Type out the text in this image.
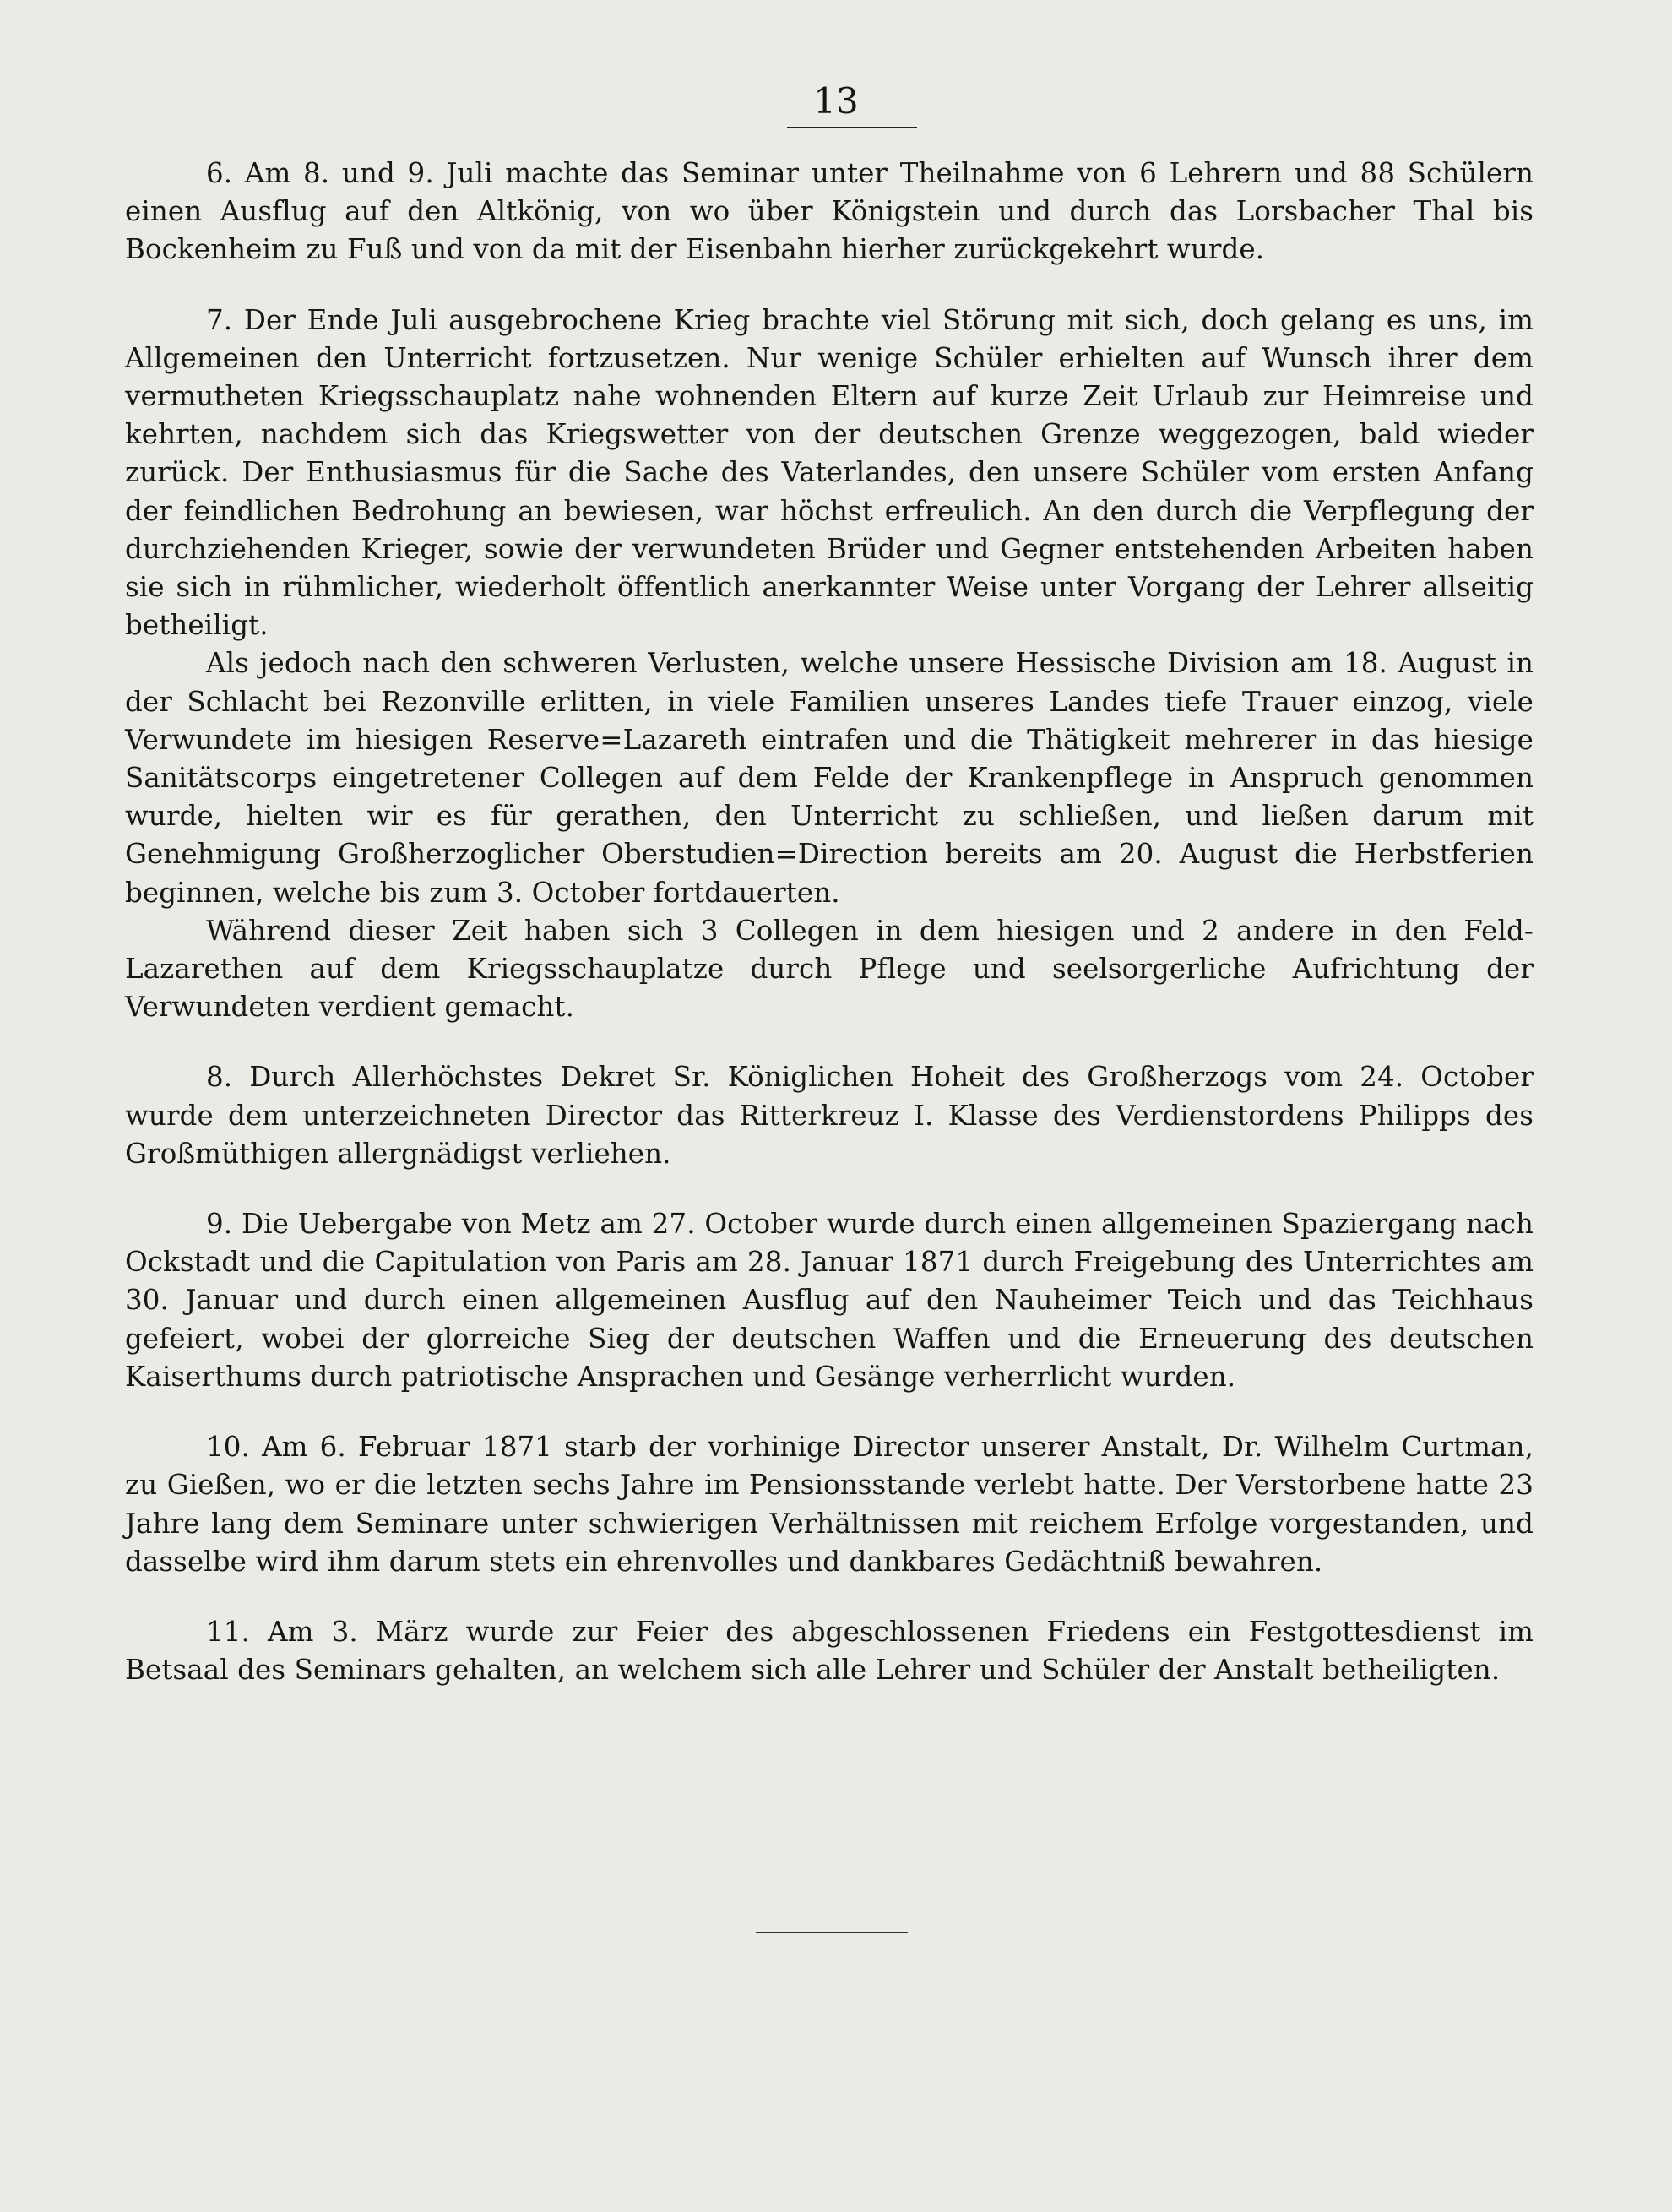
13

6. Am 8. und 9. Juli machte das Seminar unter Theilnahme von 6 Lehrern und 88 Schülern einen Ausflug auf den Altkönig, von wo über Königstein und durch das Lorsbacher Thal bis Bockenheim zu Fuß und von da mit der Eisenbahn hierher zurückgekehrt wurde.

7. Der Ende Juli ausgebrochene Krieg brachte viel Störung mit sich, doch gelang es uns, im Allgemeinen den Unterricht fortzusetzen. Nur wenige Schüler erhielten auf Wunsch ihrer dem vermutheten Kriegsschauplatz nahe wohnenden Eltern auf kurze Zeit Urlaub zur Heimreise und kehrten, nachdem sich das Kriegswetter von der deutschen Grenze weggezogen, bald wieder zurück. Der Enthusiasmus für die Sache des Vaterlandes, den unsere Schüler vom ersten Anfang der feindlichen Bedrohung an bewiesen, war höchst erfreulich. An den durch die Verpflegung der durchziehenden Krieger, sowie der verwundeten Brüder und Gegner entstehenden Arbeiten haben sie sich in rühmlicher, wiederholt öffentlich anerkannter Weise unter Vorgang der Lehrer allseitig betheiligt.

Als jedoch nach den schweren Verlusten, welche unsere Hessische Division am 18. August in der Schlacht bei Rezonville erlitten, in viele Familien unseres Landes tiefe Trauer einzog, viele Verwundete im hiesigen Reserve=Lazareth eintrafen und die Thätigkeit mehrerer in das hiesige Sanitätscorps eingetretener Collegen auf dem Felde der Krankenpflege in Anspruch genommen wurde, hielten wir es für gerathen, den Unterricht zu schließen, und ließen darum mit Genehmigung Großherzoglicher Oberstudien=Direction bereits am 20. August die Herbstferien beginnen, welche bis zum 3. October fortdauerten.

Während dieser Zeit haben sich 3 Collegen in dem hiesigen und 2 andere in den Feld-Lazarethen auf dem Kriegsschauplatze durch Pflege und seelsorgerliche Aufrichtung der Verwundeten verdient gemacht.

8. Durch Allerhöchstes Dekret Sr. Königlichen Hoheit des Großherzogs vom 24. October wurde dem unterzeichneten Director das Ritterkreuz I. Klasse des Verdienstordens Philipps des Großmüthigen allergnädigst verliehen.

9. Die Uebergabe von Metz am 27. October wurde durch einen allgemeinen Spaziergang nach Ockstadt und die Capitulation von Paris am 28. Januar 1871 durch Freigebung des Unterrichtes am 30. Januar und durch einen allgemeinen Ausflug auf den Nauheimer Teich und das Teichhaus gefeiert, wobei der glorreiche Sieg der deutschen Waffen und die Erneuerung des deutschen Kaiserthums durch patriotische Ansprachen und Gesänge verherrlicht wurden.

10. Am 6. Februar 1871 starb der vorhinige Director unserer Anstalt, Dr. Wilhelm Curtman, zu Gießen, wo er die letzten sechs Jahre im Pensionsstande verlebt hatte. Der Verstorbene hatte 23 Jahre lang dem Seminare unter schwierigen Verhältnissen mit reichem Erfolge vorgestanden, und dasselbe wird ihm darum stets ein ehrenvolles und dankbares Gedächtniß bewahren.

11. Am 3. März wurde zur Feier des abgeschlossenen Friedens ein Festgottesdienst im Betsaal des Seminars gehalten, an welchem sich alle Lehrer und Schüler der Anstalt betheiligten.
